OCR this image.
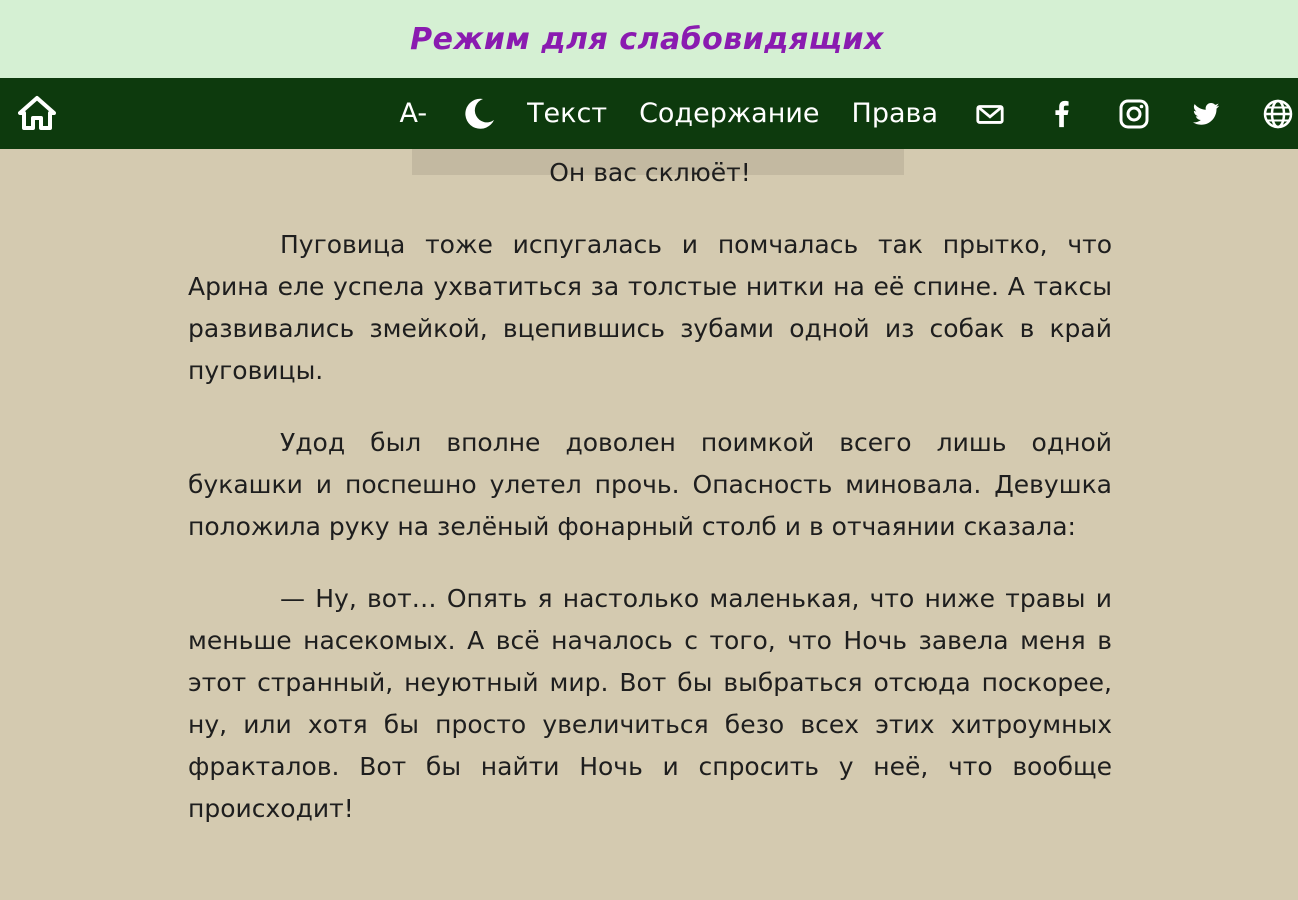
Режим для слабовидящих
A-	Текст Содержание Права

Он вас склюёт!

Пуговица тоже испугалась и помчалась так прытко, что Арина еле успела ухватиться за толстые нитки на её спине. А таксы развивались змейкой, вцепившись зубами одной из собак в край пуговицы.

Удод был вполне доволен поимкой всего лишь одной букашки и поспешно улетел прочь. Опасность миновала. Девушка положила руку на зелёный фонарный столб и в отчаянии сказала:

— Ну, вот… Опять я настолько маленькая, что ниже травы и меньше насекомых. А всё началось с того, что Ночь завела меня в этот странный, неуютный мир. Вот бы выбраться отсюда поскорее, ну, или хотя бы просто увеличиться безо всех этих хитроумных фракталов. Вот бы найти Ночь и спросить у неё, что вообще происходит!
